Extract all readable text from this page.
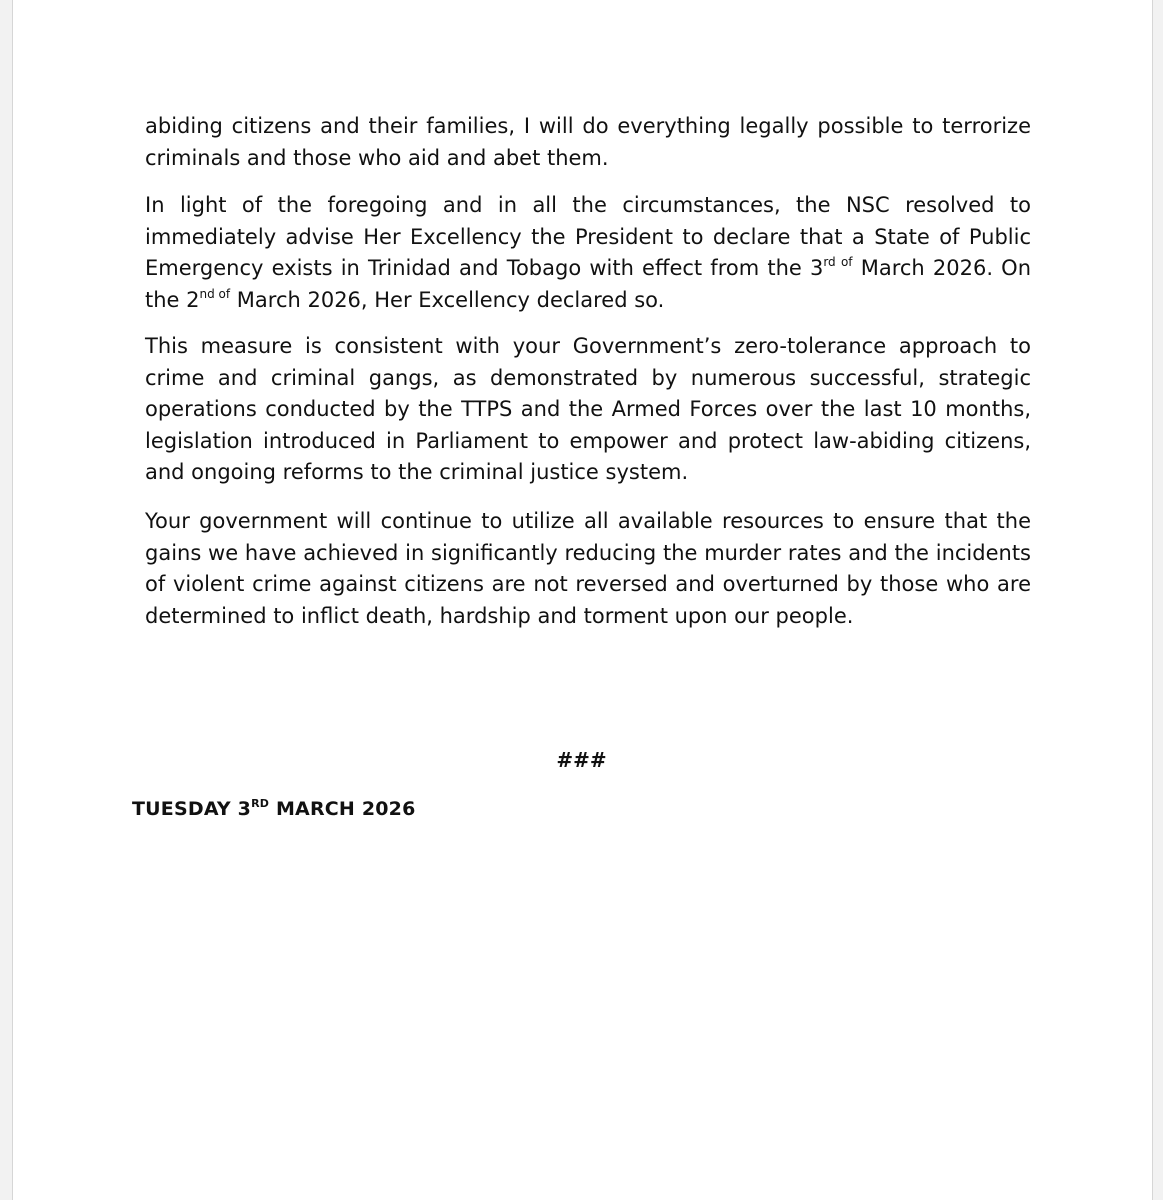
abiding citizens and their families, I will do everything legally possible to terrorize criminals and those who aid and abet them.

In light of the foregoing and in all the circumstances, the NSC resolved to immediately advise Her Excellency the President to declare that a State of Public Emergency exists in Trinidad and Tobago with effect from the $3^{rd of}$ March 2026. On the $2^{nd of}$ March 2026, Her Excellency declared so.

This measure is consistent with your Government’s zero-tolerance approach to crime and criminal gangs, as demonstrated by numerous successful, strategic operations conducted by the TTPS and the Armed Forces over the last 10 months, legislation introduced in Parliament to empower and protect law-abiding citizens, and ongoing reforms to the criminal justice system.

Your government will continue to utilize all available resources to ensure that the gains we have achieved in significantly reducing the murder rates and the incidents of violent crime against citizens are not reversed and overturned by those who are determined to inflict death, hardship and torment upon our people.

###
TUESDAY 3RD MARCH 2026
